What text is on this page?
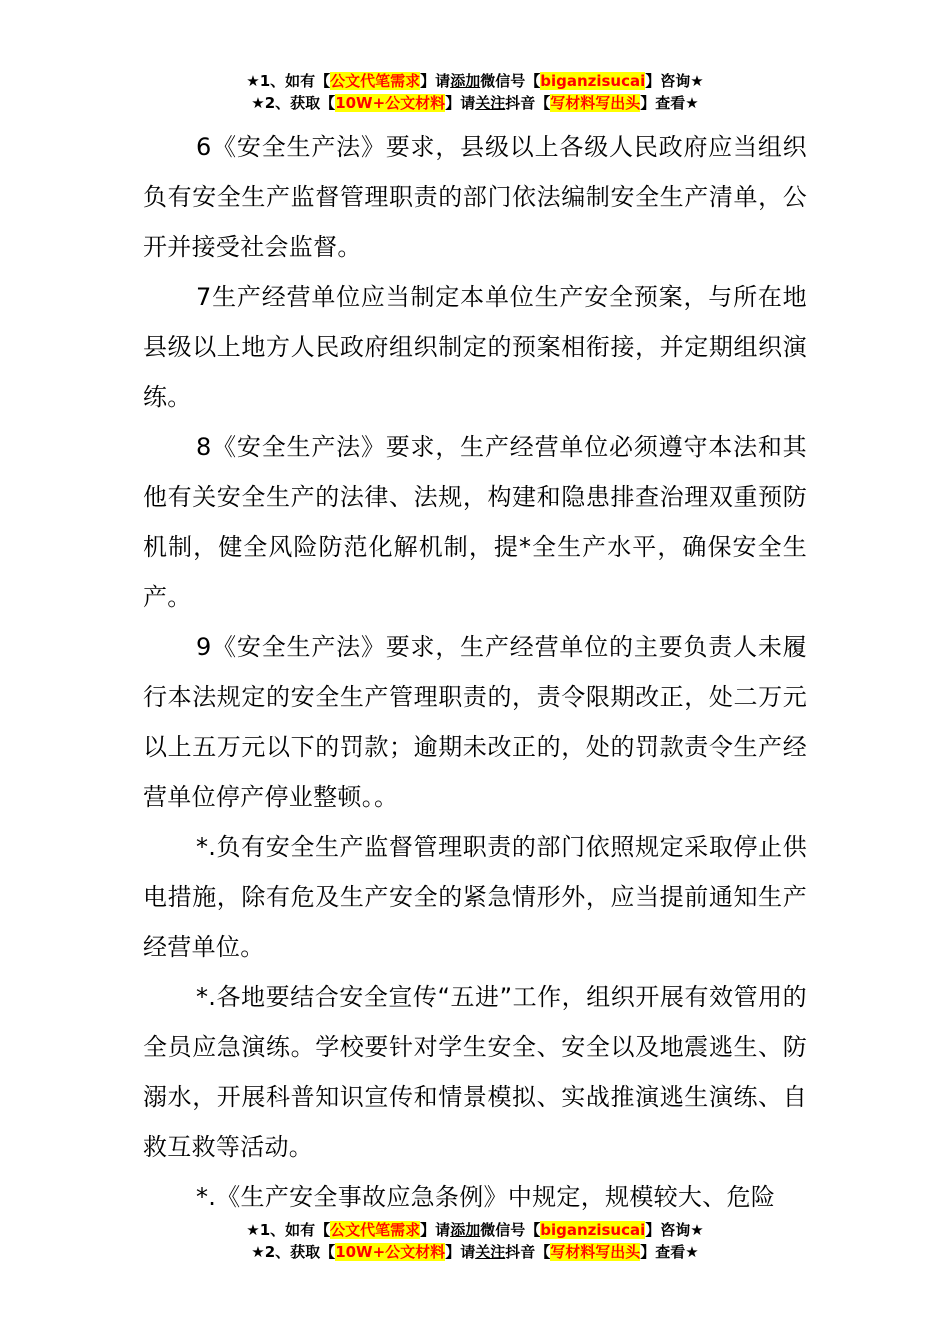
★1、如有【公文代笔需求】请添加微信号【biganzisucai】咨询★
★2、获取【10W+公文材料】请关注抖音【写材料写出头】查看★

6《安全生产法》要求，县级以上各级人民政府应当组织负有安全生产监督管理职责的部门依法编制安全生产清单，公开并接受社会监督。

7生产经营单位应当制定本单位生产安全预案，与所在地县级以上地方人民政府组织制定的预案相衔接，并定期组织演练。

8《安全生产法》要求，生产经营单位必须遵守本法和其他有关安全生产的法律、法规，构建和隐患排查治理双重预防机制，健全风险防范化解机制，提*全生产水平，确保安全生产。

9《安全生产法》要求，生产经营单位的主要负责人未履行本法规定的安全生产管理职责的，责令限期改正，处二万元以上五万元以下的罚款；逾期未改正的，处的罚款责令生产经营单位停产停业整顿。。

*.负有安全生产监督管理职责的部门依照规定采取停止供电措施，除有危及生产安全的紧急情形外，应当提前通知生产经营单位。

*.各地要结合安全宣传“五进”工作，组织开展有效管用的全员应急演练。学校要针对学生安全、安全以及地震逃生、防溺水，开展科普知识宣传和情景模拟、实战推演逃生演练、自救互救等活动。

*.《生产安全事故应急条例》中规定，规模较大、危险

★1、如有【公文代笔需求】请添加微信号【biganzisucai】咨询★
★2、获取【10W+公文材料】请关注抖音【写材料写出头】查看★
